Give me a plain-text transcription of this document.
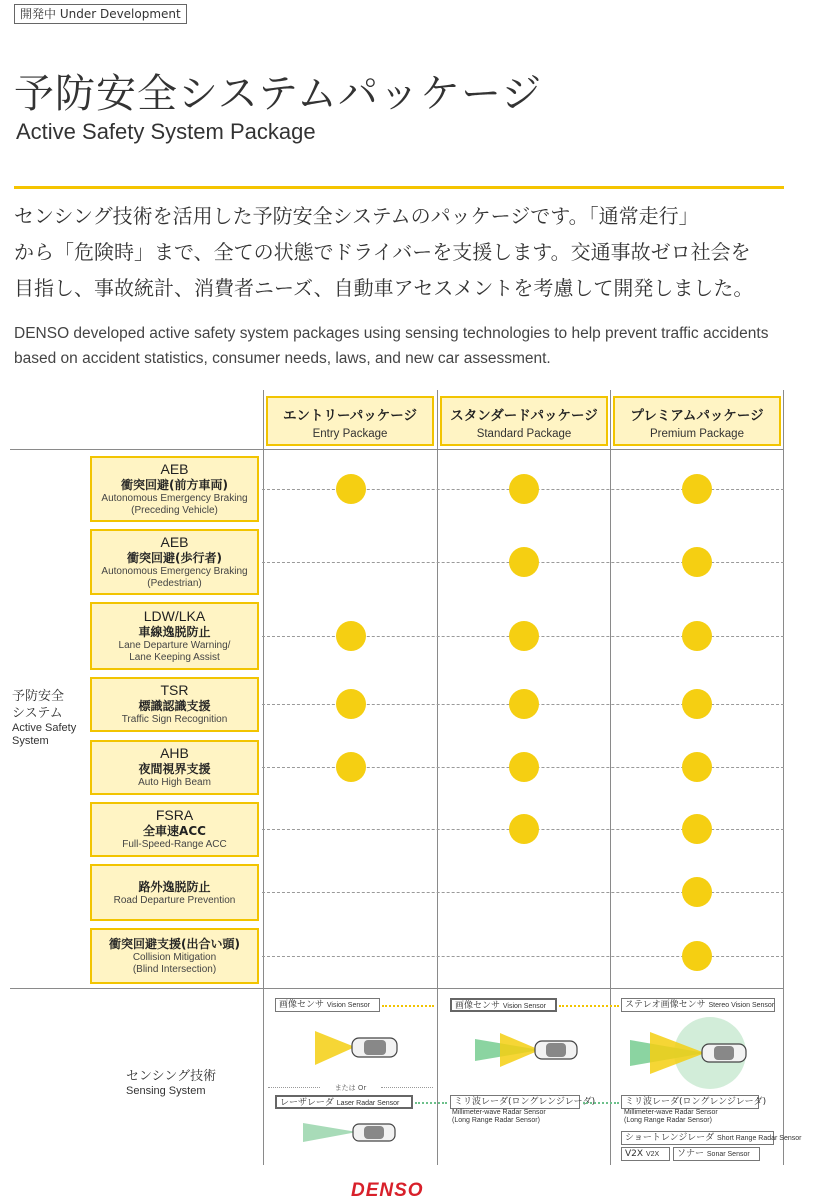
開発中 Under Development
予防安全システムパッケージ
Active Safety System Package
センシング技術を活用した予防安全システムのパッケージです。「通常走行」
から「危険時」まで、全ての状態でドライバーを支援します。交通事故ゼロ社会を
目指し、事故統計、消費者ニーズ、自動車アセスメントを考慮して開発しました。
DENSO developed active safety system packages using sensing technologies to help prevent traffic accidents based on accident statistics, consumer needs, laws, and new car assessment.
エントリーパッケージ
Entry Package
スタンダードパッケージ
Standard Package
プレミアムパッケージ
Premium Package
予防安全
システム
Active Safety
System
AEB
衝突回避(前方車両)
Autonomous Emergency Braking
(Preceding Vehicle)
AEB
衝突回避(歩行者)
Autonomous Emergency Braking
(Pedestrian)
LDW/LKA
車線逸脱防止
Lane Departure Warning/
Lane Keeping Assist
TSR
標識認識支援
Traffic Sign Recognition
AHB
夜間視界支援
Auto High Beam
FSRA
全車速ACC
Full-Speed-Range ACC
路外逸脱防止
Road Departure Prevention
衝突回避支援(出合い頭)
Collision Mitigation
(Blind Intersection)
センシング技術
Sensing System
画像センサ Vision Sensor
または Or
レーザレーダ Laser Radar Sensor
画像センサ Vision Sensor
ミリ波レーダ(ロングレンジレーダ)
Millimeter-wave Radar Sensor
(Long Range Radar Sensor)
ステレオ画像センサ Stereo Vision Sensor
ミリ波レーダ(ロングレンジレーダ)
Millimeter-wave Radar Sensor
(Long Range Radar Sensor)
ショートレンジレーダ Short Range Radar Sensor
V2X V2X	ソナー Sonar Sensor
DENSO
